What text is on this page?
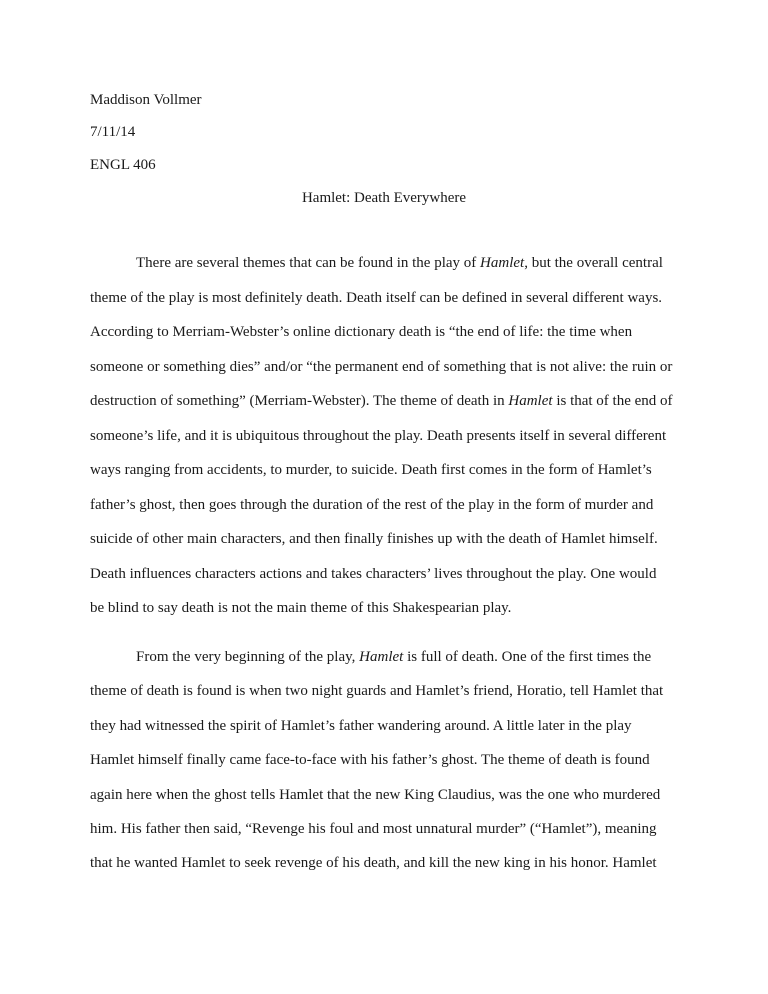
Maddison Vollmer
7/11/14
ENGL 406
Hamlet: Death Everywhere
There are several themes that can be found in the play of Hamlet, but the overall central
theme of the play is most definitely death. Death itself can be defined in several different ways.
According to Merriam-Webster’s online dictionary death is “the end of life: the time when
someone or something dies” and/or “the permanent end of something that is not alive: the ruin or
destruction of something” (Merriam-Webster). The theme of death in Hamlet is that of the end of
someone’s life, and it is ubiquitous throughout the play. Death presents itself in several different
ways ranging from accidents, to murder, to suicide. Death first comes in the form of Hamlet’s
father’s ghost, then goes through the duration of the rest of the play in the form of murder and
suicide of other main characters, and then finally finishes up with the death of Hamlet himself.
Death influences characters actions and takes characters’ lives throughout the play. One would
be blind to say death is not the main theme of this Shakespearian play.
From the very beginning of the play, Hamlet is full of death. One of the first times the
theme of death is found is when two night guards and Hamlet’s friend, Horatio, tell Hamlet that
they had witnessed the spirit of Hamlet’s father wandering around. A little later in the play
Hamlet himself finally came face-to-face with his father’s ghost. The theme of death is found
again here when the ghost tells Hamlet that the new King Claudius, was the one who murdered
him. His father then said, “Revenge his foul and most unnatural murder” (“Hamlet”), meaning
that he wanted Hamlet to seek revenge of his death, and kill the new king in his honor. Hamlet
